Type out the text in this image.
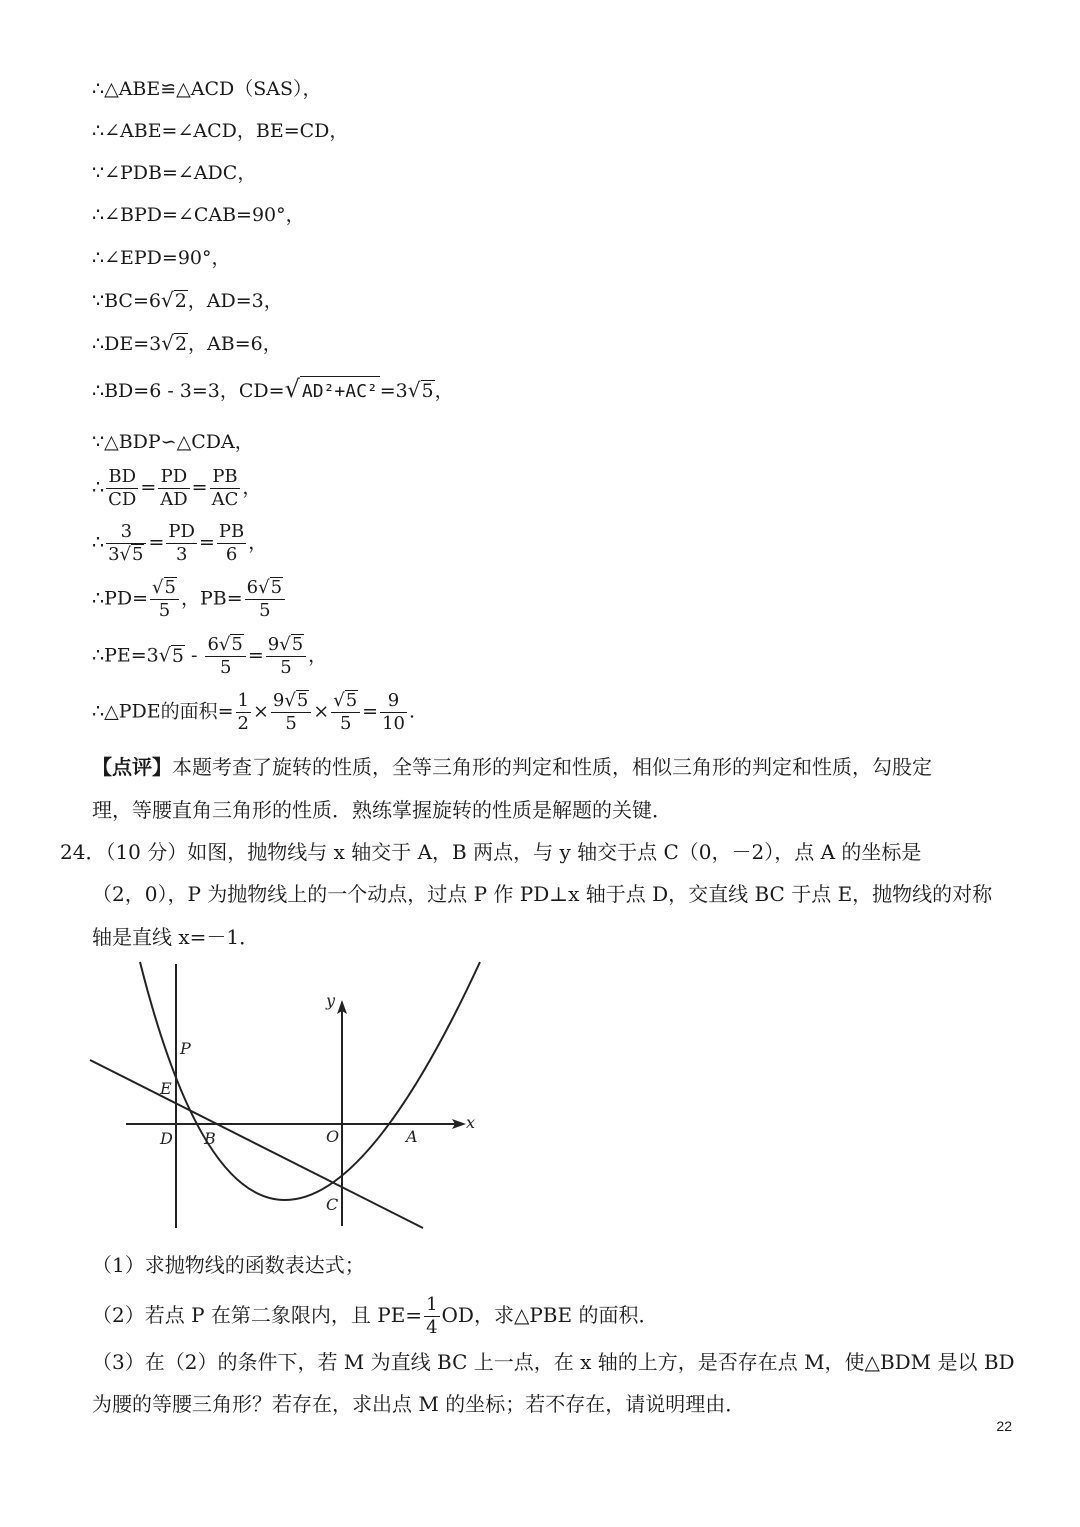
∴△ABE≌△ACD（SAS），
∴∠ABE=∠ACD，BE=CD，
∵∠PDB=∠ADC，
∴∠BPD=∠CAB=90°，
∴∠EPD=90°，
∵BC=6√2，AD=3，
∴DE=3√2，AB=6，
∴BD=6 - 3=3，CD=√ AD²+AC² =3√5，
∵△BDP∽△CDA，
∴ $\frac{BD}{CD} = \frac{PD}{AD} = \frac{PB}{AC}$ ，
∴ $\frac{3}{3√5} = \frac{PD}{3} = \frac{PB}{6}$ ，
∴PD= $\frac{√5}{5}$ ，$PB= \frac{6√5}{5}$
∴PE=3√5 - $\frac{6√5}{5} = \frac{9√5}{5}$ ，
∴△PDE的面积= $\frac{1}{2} \times \frac{9√5}{5} \times \frac{√5}{5} = \frac{9}{10}$ .
【点评】本题考查了旋转的性质，全等三角形的判定和性质，相似三角形的判定和性质，勾股定
理，等腰直角三角形的性质．熟练掌握旋转的性质是解题的关键．
24．（10 分）如图，抛物线与 x 轴交于 A，B 两点，与 y 轴交于点 C（0，－2），点 A 的坐标是
（2，0），P 为抛物线上的一个动点，过点 P 作 PD⊥x 轴于点 D，交直线 BC 于点 E，抛物线的对称
轴是直线 x=－1．
y
x
P
E
D B	O	A
C
（1）求抛物线的函数表达式；
（2）若点 P 在第二象限内，且 $PE= \frac{1}{4}$ OD，求△PBE 的面积．
（3）在（2）的条件下，若 M 为直线 BC 上一点，在 x 轴的上方，是否存在点 M，使△BDM 是以 BD
为腰的等腰三角形？若存在，求出点 M 的坐标；若不存在，请说明理由．
22
